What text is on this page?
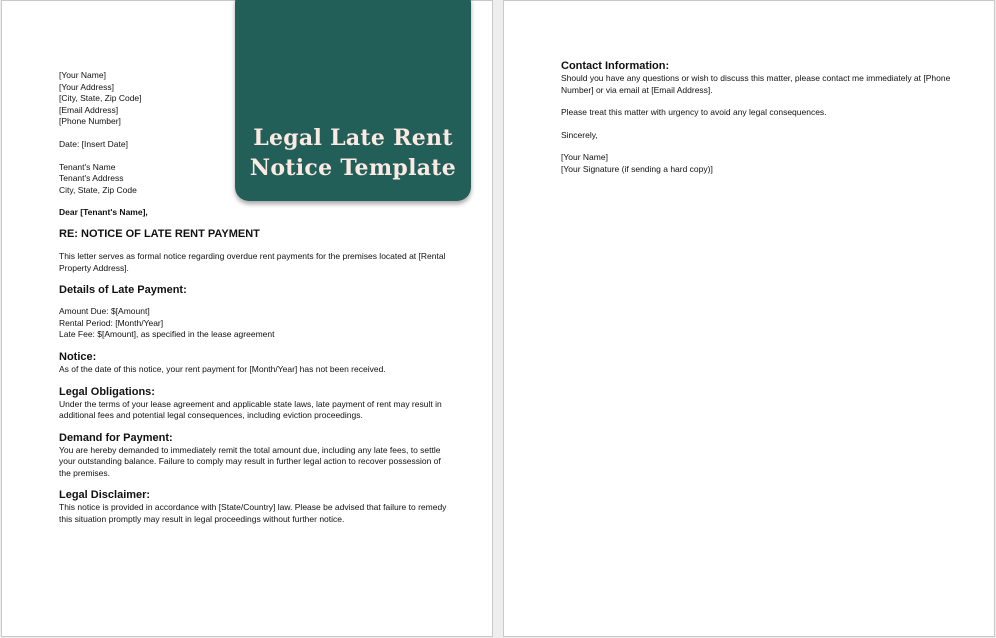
Legal Late Rent Notice Template
[Your Name]
[Your Address]
[City, State, Zip Code]
[Email Address]
[Phone Number]
Date: [Insert Date]
Tenant's Name
Tenant's Address
City, State, Zip Code
Dear [Tenant's Name],
RE: NOTICE OF LATE RENT PAYMENT
This letter serves as formal notice regarding overdue rent payments for the premises located at [Rental Property Address].
Details of Late Payment:
Amount Due: $[Amount]
Rental Period: [Month/Year]
Late Fee: $[Amount], as specified in the lease agreement
Notice:
As of the date of this notice, your rent payment for [Month/Year] has not been received.
Legal Obligations:
Under the terms of your lease agreement and applicable state laws, late payment of rent may result in additional fees and potential legal consequences, including eviction proceedings.
Demand for Payment:
You are hereby demanded to immediately remit the total amount due, including any late fees, to settle your outstanding balance. Failure to comply may result in further legal action to recover possession of the premises.
Legal Disclaimer:
This notice is provided in accordance with [State/Country] law. Please be advised that failure to remedy this situation promptly may result in legal proceedings without further notice.
Contact Information:
Should you have any questions or wish to discuss this matter, please contact me immediately at [Phone Number] or via email at [Email Address].
Please treat this matter with urgency to avoid any legal consequences.
Sincerely,
[Your Name]
[Your Signature (if sending a hard copy)]
